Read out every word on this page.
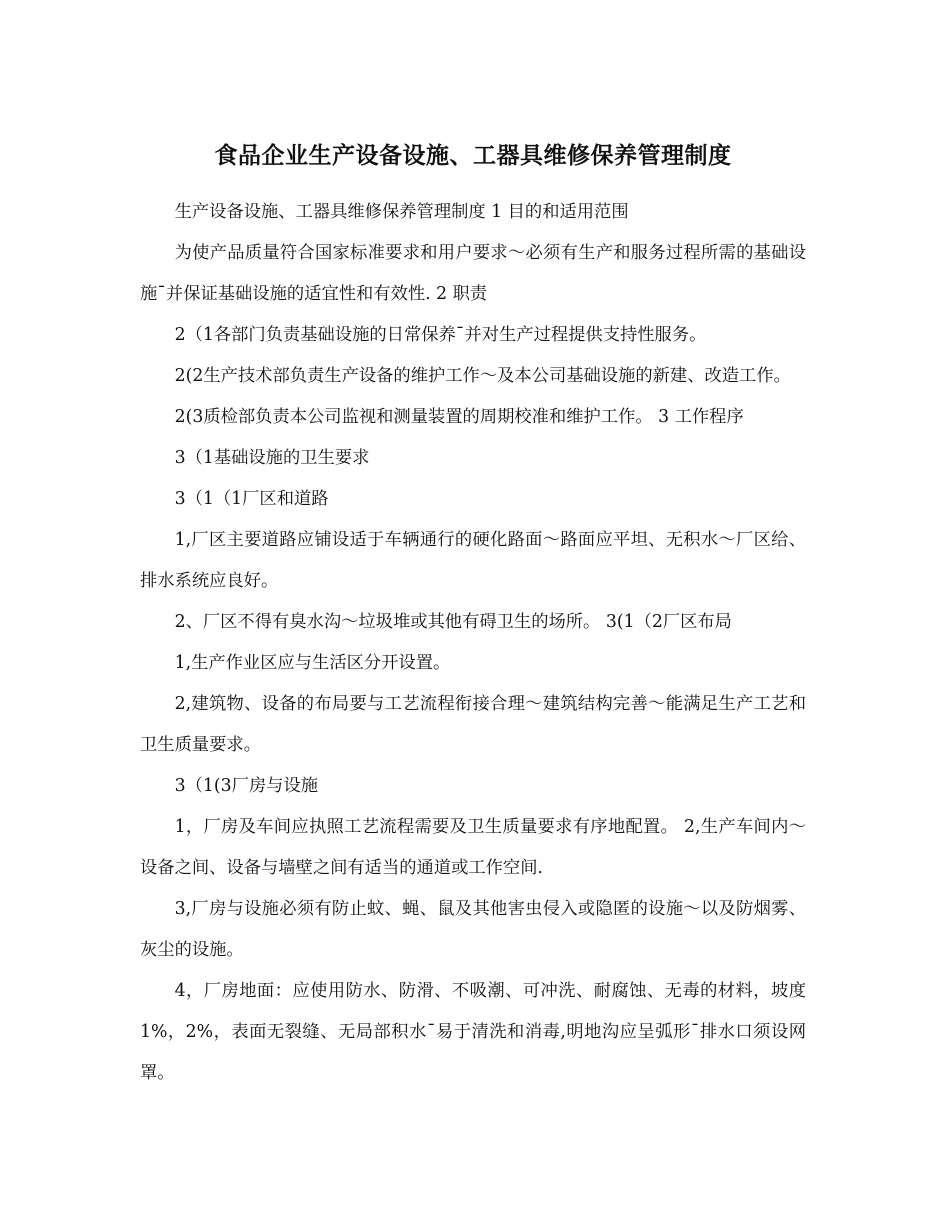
食品企业生产设备设施、工器具维修保养管理制度

生产设备设施、工器具维修保养管理制度 1 目的和适用范围

为使产品质量符合国家标准要求和用户要求～必须有生产和服务过程所需的基础设施ˉ并保证基础设施的适宜性和有效性. 2 职责

2（1各部门负责基础设施的日常保养ˉ并对生产过程提供支持性服务。

2(2生产技术部负责生产设备的维护工作～及本公司基础设施的新建、改造工作。

2(3质检部负责本公司监视和测量装置的周期校准和维护工作。 3 工作程序

3（1基础设施的卫生要求

3（1（1厂区和道路

1,厂区主要道路应铺设适于车辆通行的硬化路面～路面应平坦、无积水～厂区给、排水系统应良好。

2、厂区不得有臭水沟～垃圾堆或其他有碍卫生的场所。 3(1（2厂区布局

1,生产作业区应与生活区分开设置。

2,建筑物、设备的布局要与工艺流程衔接合理～建筑结构完善～能满足生产工艺和卫生质量要求。

3（1(3厂房与设施

1，厂房及车间应执照工艺流程需要及卫生质量要求有序地配置。 2,生产车间内～设备之间、设备与墙壁之间有适当的通道或工作空间.

3,厂房与设施必须有防止蚊、蝇、鼠及其他害虫侵入或隐匿的设施～以及防烟雾、灰尘的设施。

4，厂房地面：应使用防水、防滑、不吸潮、可冲洗、耐腐蚀、无毒的材料，坡度1%，2%，表面无裂缝、无局部积水ˉ易于清洗和消毒,明地沟应呈弧形ˉ排水口须设网罩。
